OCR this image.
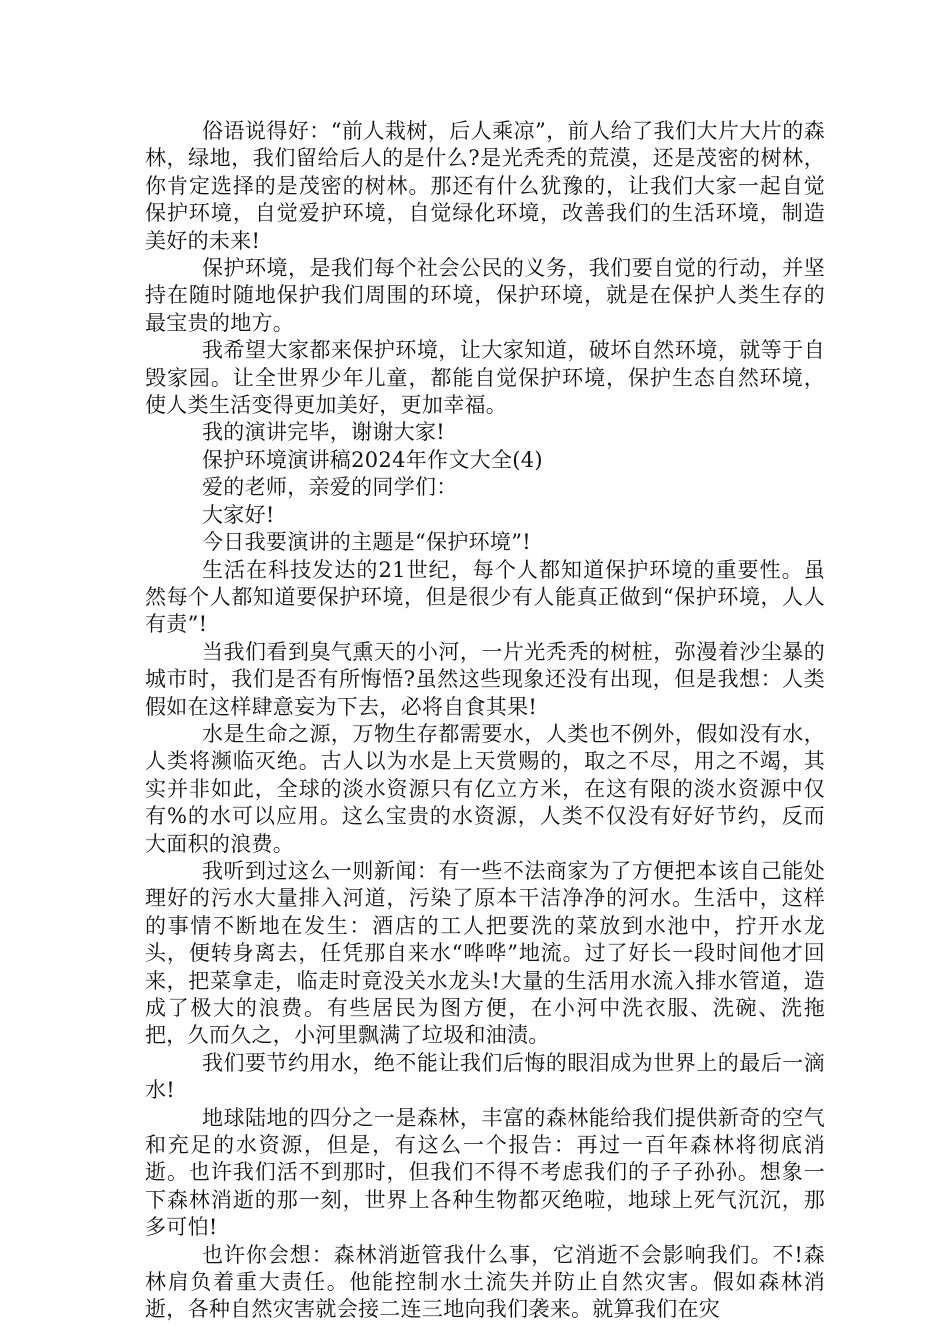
俗语说得好：“前人栽树，后人乘凉”，前人给了我们大片大片的森林，绿地，我们留给后人的是什么?是光秃秃的荒漠，还是茂密的树林，你肯定选择的是茂密的树林。那还有什么犹豫的，让我们大家一起自觉保护环境，自觉爱护环境，自觉绿化环境，改善我们的生活环境，制造美好的未来!

保护环境，是我们每个社会公民的义务，我们要自觉的行动，并坚持在随时随地保护我们周围的环境，保护环境，就是在保护人类生存的最宝贵的地方。

我希望大家都来保护环境，让大家知道，破坏自然环境，就等于自毁家园。让全世界少年儿童，都能自觉保护环境，保护生态自然环境，使人类生活变得更加美好，更加幸福。

我的演讲完毕，谢谢大家!

保护环境演讲稿2024年作文大全(4)

爱的老师，亲爱的同学们：

大家好!

今日我要演讲的主题是“保护环境”!

生活在科技发达的21世纪，每个人都知道保护环境的重要性。虽然每个人都知道要保护环境，但是很少有人能真正做到“保护环境，人人有责”!

当我们看到臭气熏天的小河，一片光秃秃的树桩，弥漫着沙尘暴的城市时，我们是否有所悔悟?虽然这些现象还没有出现，但是我想：人类假如在这样肆意妄为下去，必将自食其果!

水是生命之源，万物生存都需要水，人类也不例外，假如没有水，人类将濒临灭绝。古人以为水是上天赏赐的，取之不尽，用之不竭，其实并非如此，全球的淡水资源只有亿立方米，在这有限的淡水资源中仅有%的水可以应用。这么宝贵的水资源，人类不仅没有好好节约，反而大面积的浪费。

我听到过这么一则新闻：有一些不法商家为了方便把本该自己能处理好的污水大量排入河道，污染了原本干洁净净的河水。生活中，这样的事情不断地在发生：酒店的工人把要洗的菜放到水池中，拧开水龙头，便转身离去，任凭那自来水“哗哗”地流。过了好长一段时间他才回来，把菜拿走，临走时竟没关水龙头!大量的生活用水流入排水管道，造成了极大的浪费。有些居民为图方便，在小河中洗衣服、洗碗、洗拖把，久而久之，小河里飘满了垃圾和油渍。

我们要节约用水，绝不能让我们后悔的眼泪成为世界上的最后一滴水!

地球陆地的四分之一是森林，丰富的森林能给我们提供新奇的空气和充足的水资源，但是，有这么一个报告：再过一百年森林将彻底消逝。也许我们活不到那时，但我们不得不考虑我们的子子孙孙。想象一下森林消逝的那一刻，世界上各种生物都灭绝啦，地球上死气沉沉，那多可怕!

也许你会想：森林消逝管我什么事，它消逝不会影响我们。不!森林肩负着重大责任。他能控制水土流失并防止自然灾害。假如森林消逝，各种自然灾害就会接二连三地向我们袭来。就算我们在灾
